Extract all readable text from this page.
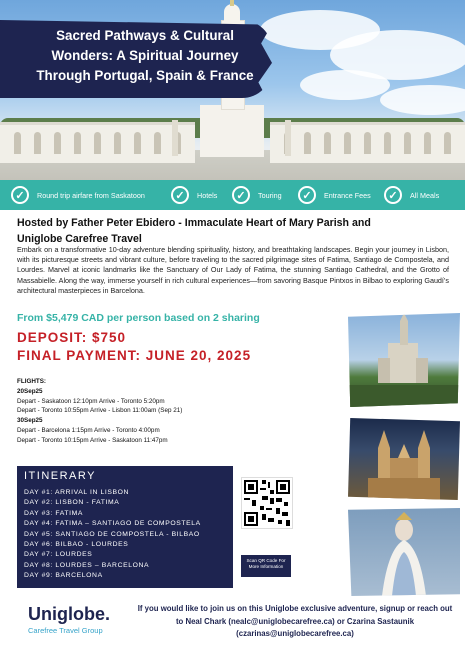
Sacred Pathways & Cultural
Wonders: A Spiritual Journey
Through Portugal, Spain & France
✓	Round trip airfare from Saskatoon	✓	Hotels	✓	Touring	✓	Entrance Fees	✓	All Meals
Hosted by Father Peter Ebidero - Immaculate Heart of Mary Parish and
Uniglobe Carefree Travel
Embark on a transformative 10-day adventure blending spirituality, history, and breathtaking landscapes. Begin your journey in Lisbon, with its picturesque streets and vibrant culture, before traveling to the sacred pilgrimage sites of Fatima, Santiago de Compostela, and Lourdes. Marvel at iconic landmarks like the Sanctuary of Our Lady of Fatima, the stunning Santiago Cathedral, and the Grotto of Massabielle. Along the way, immerse yourself in rich cultural experiences—from savoring Basque Pintxos in Bilbao to exploring Gaudí’s architectural masterpieces in Barcelona.
From $5,479 CAD per person based on 2 sharing
DEPOSIT: $750
FINAL PAYMENT: JUNE 20, 2025
FLIGHTS:
20Sep25
Depart - Saskatoon 12:10pm Arrive - Toronto 5:20pm
Depart - Toronto 10:55pm Arrive - Lisbon 11:00am (Sep 21)
30Sep25
Depart - Barcelona 1:15pm Arrive - Toronto 4:00pm
Depart - Toronto 10:15pm Arrive - Saskatoon 11:47pm
ITINERARY
DAY #1: ARRIVAL IN LISBON
DAY #2: LISBON - FATIMA
DAY #3: FATIMA
DAY #4: FATIMA – SANTIAGO DE COMPOSTELA
DAY #5: SANTIAGO DE COMPOSTELA - BILBAO
DAY #6: BILBAO - LOURDES
DAY #7: LOURDES
DAY #8: LOURDES – BARCELONA
DAY #9: BARCELONA
Scan QR Code For More Information
Uniglobe.
Carefree Travel Group
If you would like to join us on this Uniglobe exclusive adventure, signup or reach out
to Neal Chark (nealc@uniglobecarefree.ca) or Czarina Sastaunik
(czarinas@uniglobecarefree.ca)
